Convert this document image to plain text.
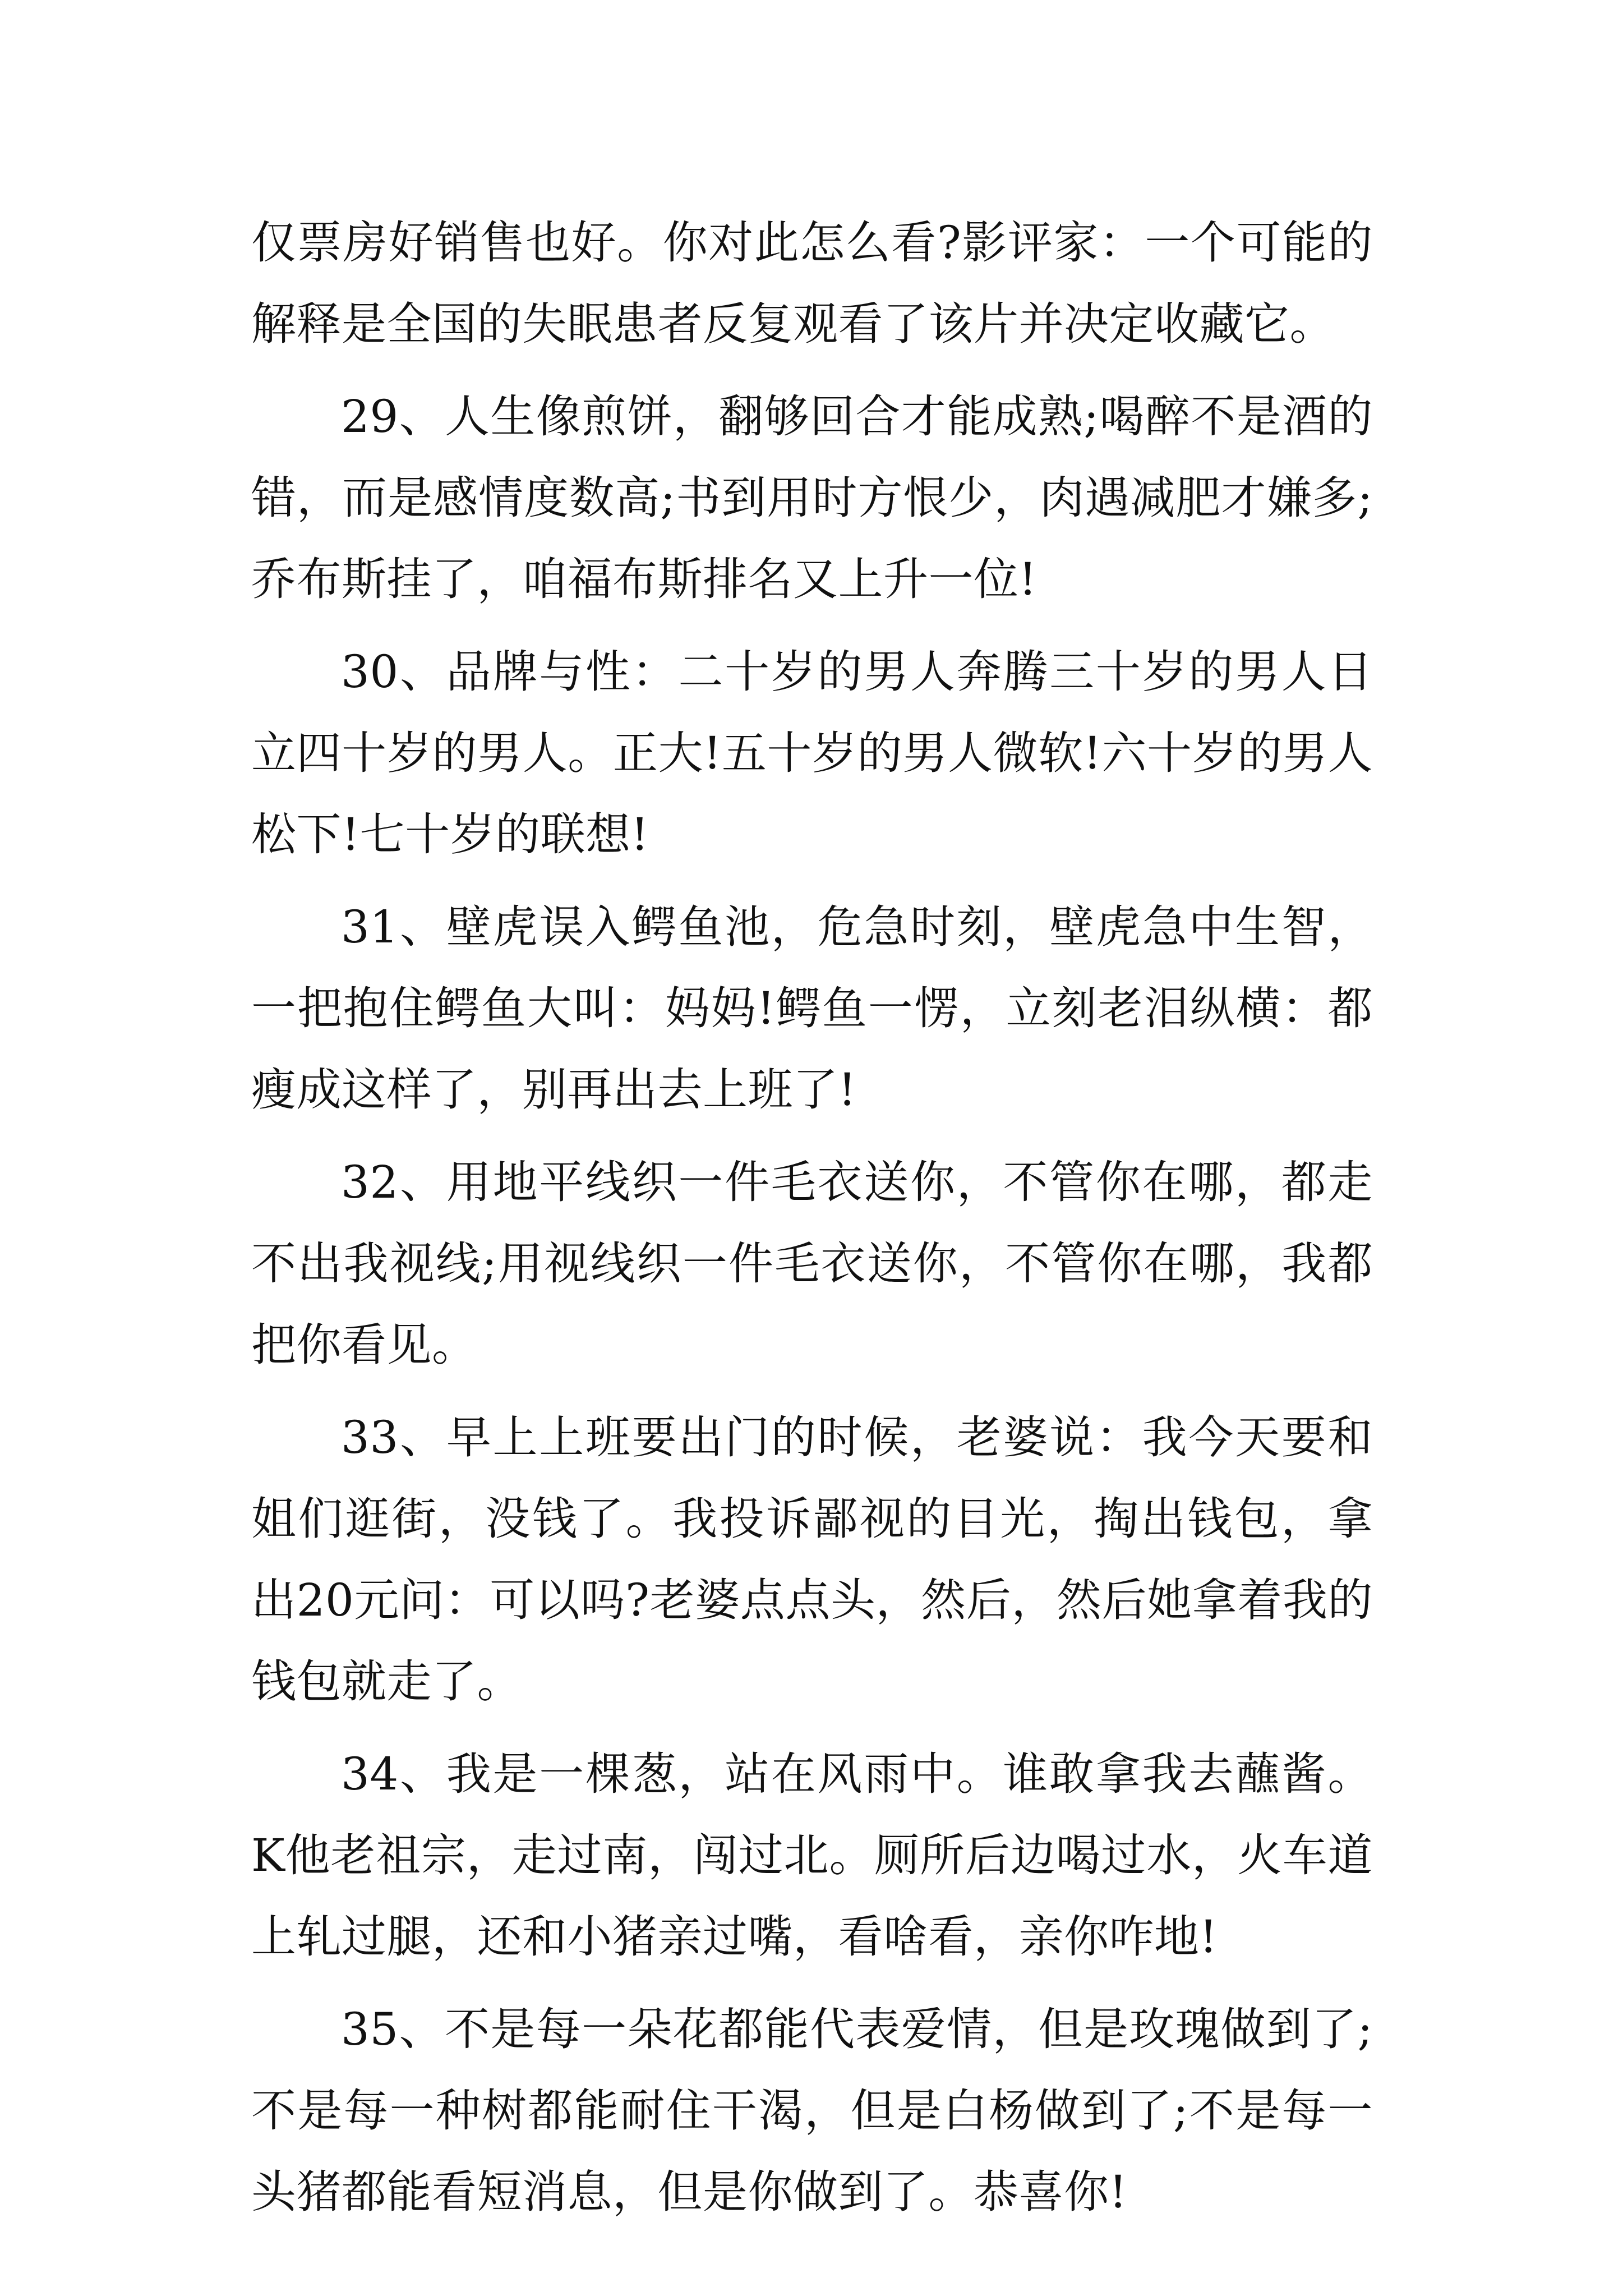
仅票房好销售也好。你对此怎么看?影评家：一个可能的解释是全国的失眠患者反复观看了该片并决定收藏它。

29、人生像煎饼，翻够回合才能成熟;喝醉不是酒的错，而是感情度数高;书到用时方恨少，肉遇减肥才嫌多;乔布斯挂了，咱福布斯排名又上升一位!

30、品牌与性：二十岁的男人奔腾三十岁的男人日立四十岁的男人。正大!五十岁的男人微软!六十岁的男人松下!七十岁的联想!

31、壁虎误入鳄鱼池，危急时刻，壁虎急中生智，一把抱住鳄鱼大叫：妈妈!鳄鱼一愣，立刻老泪纵横：都瘦成这样了，别再出去上班了!

32、用地平线织一件毛衣送你，不管你在哪，都走不出我视线;用视线织一件毛衣送你，不管你在哪，我都把你看见。

33、早上上班要出门的时候，老婆说：我今天要和姐们逛街，没钱了。我投诉鄙视的目光，掏出钱包，拿出20元问：可以吗?老婆点点头，然后，然后她拿着我的钱包就走了。

34、我是一棵葱，站在风雨中。谁敢拿我去蘸酱。K他老祖宗，走过南，闯过北。厕所后边喝过水，火车道上轧过腿，还和小猪亲过嘴，看啥看，亲你咋地!

35、不是每一朵花都能代表爱情，但是玫瑰做到了;不是每一种树都能耐住干渴，但是白杨做到了;不是每一头猪都能看短消息，但是你做到了。恭喜你!
